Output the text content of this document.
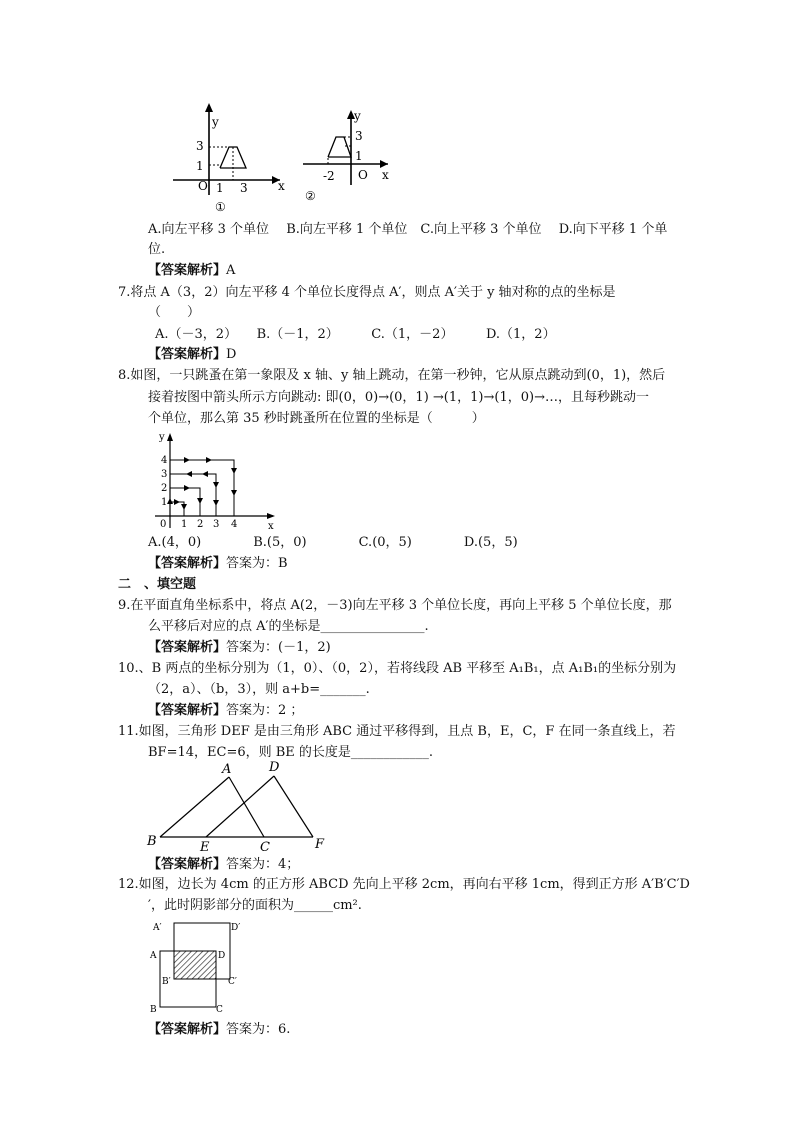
y
x
O 1 3
3
1
①
y
x
O
-2
3
1
②
A.向左平移 3 个单位　 B.向左平移 1 个单位　C.向上平移 3 个单位　 D.向下平移 1 个单
位.
【答案解析】A
7.将点 A（3，2）向左平移 4 个单位长度得点 A′，则点 A′关于 y 轴对称的点的坐标是
（　　）
A.（－3，2）　　B.（－1，2）　　　C.（1，－2）　　　D.（1，2）
【答案解析】D
8.如图，一只跳蚤在第一象限及 x 轴、y 轴上跳动，在第一秒钟，它从原点跳动到(0，1)，然后
接着按图中箭头所示方向跳动: 即(0，0)→(0，1) →(1，1)→(1，0)→…，且每秒跳动一
个单位，那么第 35 秒时跳蚤所在位置的坐标是（　　　）
y
x
0 1 2 3 4
1
2
3
4
A.(4，0)　　　　B.(5，0)　　　　C.(0，5)　　　　D.(5，5)
【答案解析】答案为：B
二　、填空题
9.在平面直角坐标系中，将点 A(2，－3)向左平移 3 个单位长度，再向上平移 5 个单位长度，那
么平移后对应的点 A′的坐标是________________.
【答案解析】答案为：(－1，2)
10.、B 两点的坐标分别为（1，0）、（0，2），若将线段 AB 平移至 A₁B₁，点 A₁B₁的坐标分别为
（2，a）、（b，3），则 a+b=_______.
【答案解析】答案为：2 ；
11.如图，三角形 DEF 是由三角形 ABC 通过平移得到，且点 B，E，C，F 在同一条直线上，若
BF=14，EC=6，则 BE 的长度是____________.
A	D
B	E	C	F
【答案解析】答案为：4；
12.如图，边长为 4cm 的正方形 ABCD 先向上平移 2cm，再向右平移 1cm，得到正方形 A′B′C′D
′，此时阴影部分的面积为______cm².
A′	D′
A	D
B′	C′
B	C
【答案解析】答案为：6.
